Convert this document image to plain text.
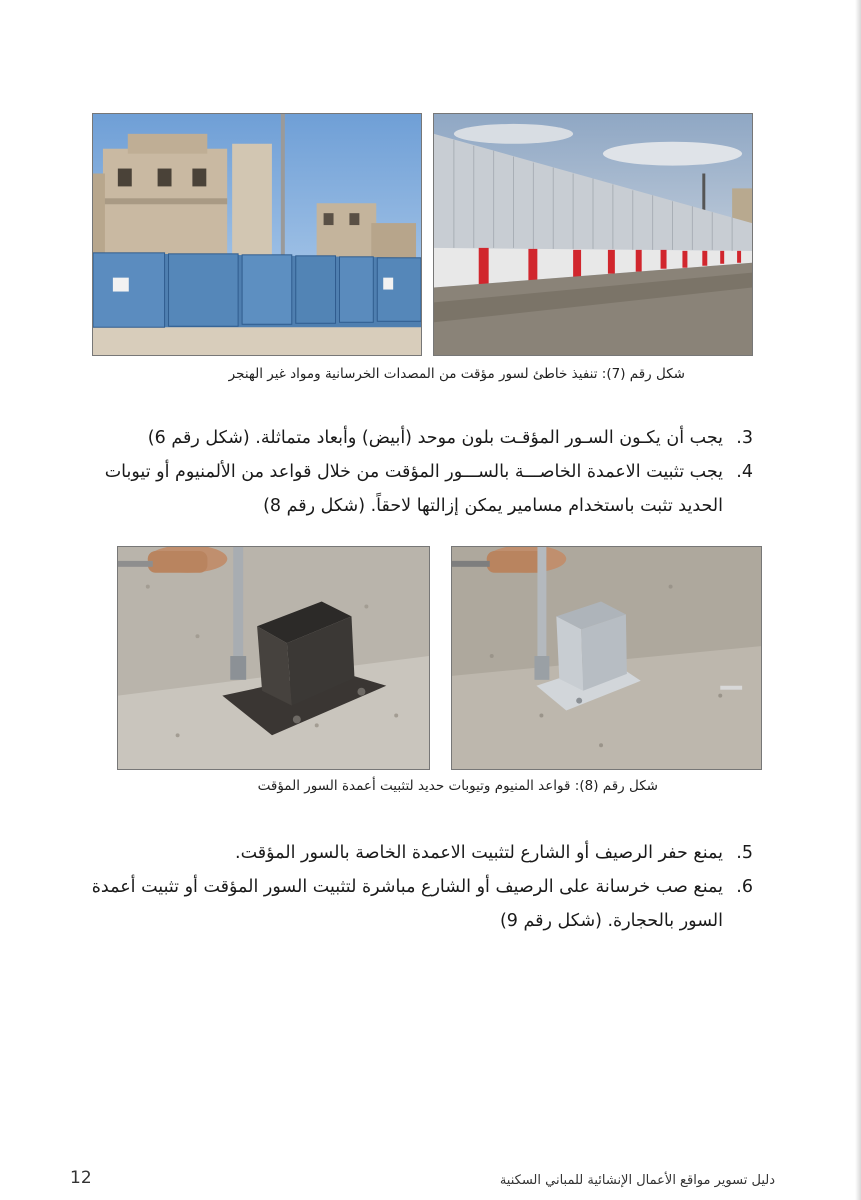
شكل رقم (7): تنفيذ خاطئ لسور مؤقت من المصدات الخرسانية ومواد غير الهنجر
3.
يجب أن يكـون السـور المؤقـت بلون موحد (أبيض) وأبعاد متماثلة. (شكل رقم 6)
4.
يجب تثبيت الاعمدة الخاصـــة بالســـور المؤقت من خلال قواعد من الألمنيوم أو تيوبات الحديد تثبت باستخدام مسامير يمكن إزالتها لاحقاً. (شكل رقم 8)
شكل رقم (8): قواعد المنيوم وتيوبات حديد لتثبيت أعمدة السور المؤقت
5.
يمنع حفر الرصيف أو الشارع لتثبيت الاعمدة الخاصة بالسور المؤقت.
6.
يمنع صب خرسانة على الرصيف أو الشارع مباشرة لتثبيت السور المؤقت أو تثبيت أعمدة السور بالحجارة. (شكل رقم 9)
دليل تسوير مواقع الأعمال الإنشائية للمباني السكنية
12
